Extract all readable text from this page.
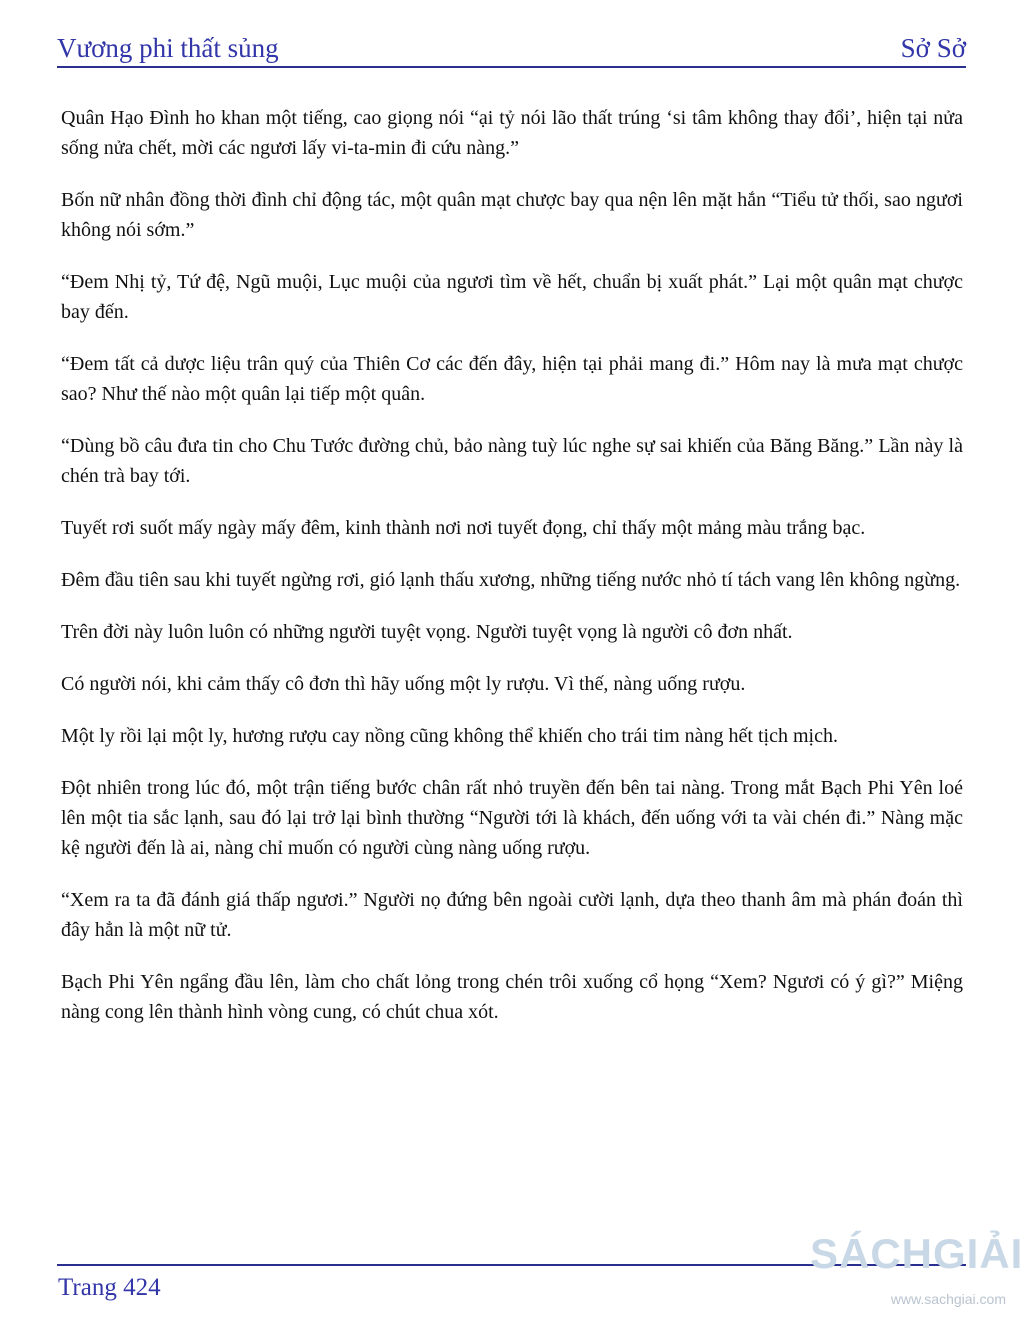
Vương phi thất sủng	Sở Sở

Quân Hạo Đình ho khan một tiếng, cao giọng nói “ại tỷ nói lão thất trúng ‘si tâm không thay đổi’, hiện tại nửa sống nửa chết, mời các ngươi lấy vi-ta-min đi cứu nàng.”

Bốn nữ nhân đồng thời đình chỉ động tác, một quân mạt chược bay qua nện lên mặt hắn “Tiểu tử thối, sao ngươi không nói sớm.”

“Đem Nhị tỷ, Tứ đệ, Ngũ muội, Lục muội của ngươi tìm về hết, chuẩn bị xuất phát.” Lại một quân mạt chược bay đến.

“Đem tất cả dược liệu trân quý của Thiên Cơ các đến đây, hiện tại phải mang đi.” Hôm nay là mưa mạt chược sao? Như thế nào một quân lại tiếp một quân.

“Dùng bồ câu đưa tin cho Chu Tước đường chủ, bảo nàng tuỳ lúc nghe sự sai khiến của Băng Băng.” Lần này là chén trà bay tới.

Tuyết rơi suốt mấy ngày mấy đêm, kinh thành nơi nơi tuyết đọng, chỉ thấy một mảng màu trắng bạc.

Đêm đầu tiên sau khi tuyết ngừng rơi, gió lạnh thấu xương, những tiếng nước nhỏ tí tách vang lên không ngừng.

Trên đời này luôn luôn có những người tuyệt vọng. Người tuyệt vọng là người cô đơn nhất.

Có người nói, khi cảm thấy cô đơn thì hãy uống một ly rượu. Vì thế, nàng uống rượu.

Một ly rồi lại một ly, hương rượu cay nồng cũng không thể khiến cho trái tim nàng hết tịch mịch.

Đột nhiên trong lúc đó, một trận tiếng bước chân rất nhỏ truyền đến bên tai nàng. Trong mắt Bạch Phi Yên loé lên một tia sắc lạnh, sau đó lại trở lại bình thường “Người tới là khách, đến uống với ta vài chén đi.” Nàng mặc kệ người đến là ai, nàng chỉ muốn có người cùng nàng uống rượu.

“Xem ra ta đã đánh giá thấp ngươi.” Người nọ đứng bên ngoài cười lạnh, dựa theo thanh âm mà phán đoán thì đây hẳn là một nữ tử.

Bạch Phi Yên ngẩng đầu lên, làm cho chất lỏng trong chén trôi xuống cổ họng “Xem? Ngươi có ý gì?” Miệng nàng cong lên thành hình vòng cung, có chút chua xót.

Trang 424
SÁCHGIẢI
www.sachgiai.com
